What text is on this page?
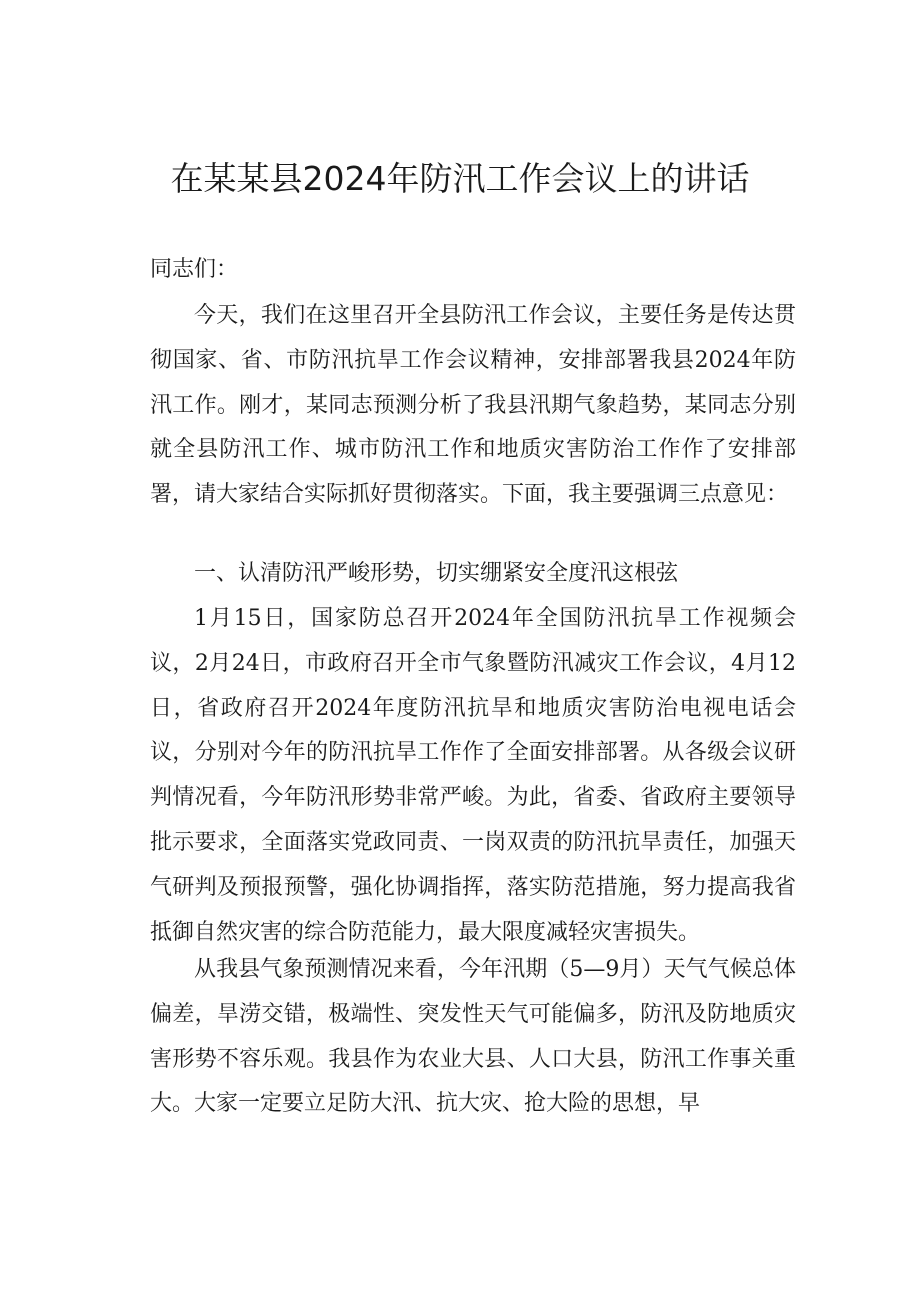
在某某县2024年防汛工作会议上的讲话

同志们：

今天，我们在这里召开全县防汛工作会议，主要任务是传达贯彻国家、省、市防汛抗旱工作会议精神，安排部署我县2024年防汛工作。刚才，某同志预测分析了我县汛期气象趋势，某同志分别就全县防汛工作、城市防汛工作和地质灾害防治工作作了安排部署，请大家结合实际抓好贯彻落实。下面，我主要强调三点意见：

一、认清防汛严峻形势，切实绷紧安全度汛这根弦

1月15日，国家防总召开2024年全国防汛抗旱工作视频会议，2月24日，市政府召开全市气象暨防汛减灾工作会议，4月12日，省政府召开2024年度防汛抗旱和地质灾害防治电视电话会议，分别对今年的防汛抗旱工作作了全面安排部署。从各级会议研判情况看，今年防汛形势非常严峻。为此，省委、省政府主要领导批示要求，全面落实党政同责、一岗双责的防汛抗旱责任，加强天气研判及预报预警，强化协调指挥，落实防范措施，努力提高我省抵御自然灾害的综合防范能力，最大限度减轻灾害损失。

从我县气象预测情况来看，今年汛期（5—9月）天气气候总体偏差，旱涝交错，极端性、突发性天气可能偏多，防汛及防地质灾害形势不容乐观。我县作为农业大县、人口大县，防汛工作事关重大。大家一定要立足防大汛、抗大灾、抢大险的思想，早
